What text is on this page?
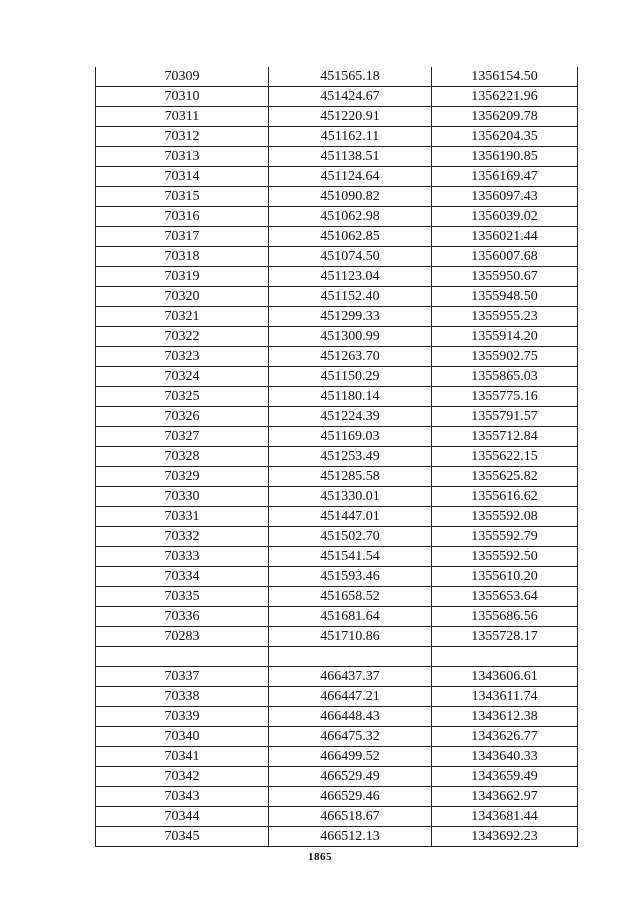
70309	451565.18	1356154.50
70310	451424.67	1356221.96
70311	451220.91	1356209.78
70312	451162.11	1356204.35
70313	451138.51	1356190.85
70314	451124.64	1356169.47
70315	451090.82	1356097.43
70316	451062.98	1356039.02
70317	451062.85	1356021.44
70318	451074.50	1356007.68
70319	451123.04	1355950.67
70320	451152.40	1355948.50
70321	451299.33	1355955.23
70322	451300.99	1355914.20
70323	451263.70	1355902.75
70324	451150.29	1355865.03
70325	451180.14	1355775.16
70326	451224.39	1355791.57
70327	451169.03	1355712.84
70328	451253.49	1355622.15
70329	451285.58	1355625.82
70330	451330.01	1355616.62
70331	451447.01	1355592.08
70332	451502.70	1355592.79
70333	451541.54	1355592.50
70334	451593.46	1355610.20
70335	451658.52	1355653.64
70336	451681.64	1355686.56
70283	451710.86	1355728.17

70337	466437.37	1343606.61
70338	466447.21	1343611.74
70339	466448.43	1343612.38
70340	466475.32	1343626.77
70341	466499.52	1343640.33
70342	466529.49	1343659.49
70343	466529.46	1343662.97
70344	466518.67	1343681.44
70345	466512.13	1343692.23
1865
